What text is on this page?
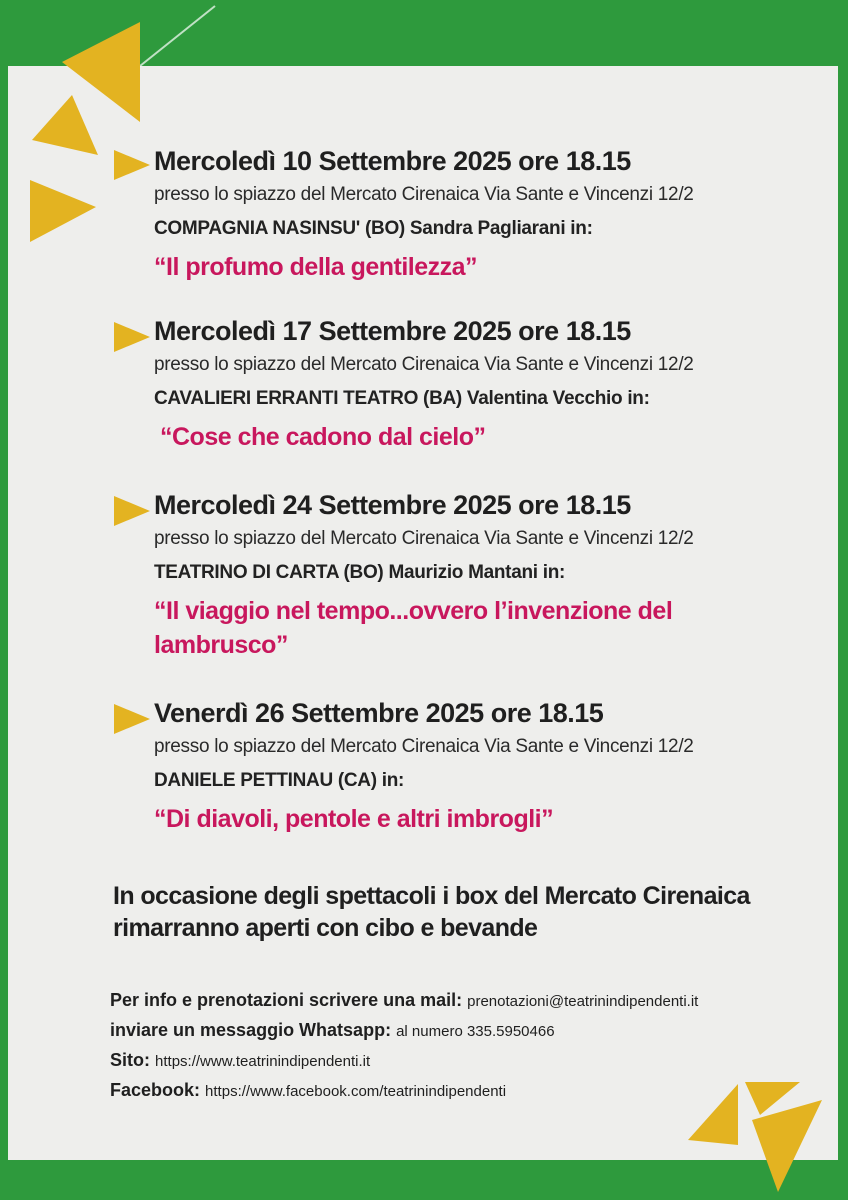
Mercoledì 10 Settembre 2025 ore 18.15
presso lo spiazzo del Mercato Cirenaica Via Sante e Vincenzi 12/2
COMPAGNIA NASINSU' (BO) Sandra Pagliarani in:
“Il profumo della gentilezza”
Mercoledì 17 Settembre 2025 ore 18.15
presso lo spiazzo del Mercato Cirenaica Via Sante e Vincenzi 12/2
CAVALIERI ERRANTI TEATRO (BA) Valentina Vecchio in:
“Cose che cadono dal cielo”
Mercoledì 24 Settembre 2025 ore 18.15
presso lo spiazzo del Mercato Cirenaica Via Sante e Vincenzi 12/2
TEATRINO DI CARTA (BO) Maurizio Mantani in:
“Il viaggio nel tempo...ovvero l’invenzione del lambrusco”
Venerdì 26 Settembre 2025 ore 18.15
presso lo spiazzo del Mercato Cirenaica Via Sante e Vincenzi 12/2
DANIELE PETTINAU (CA) in:
“Di diavoli, pentole e altri imbrogli”
In occasione degli spettacoli i box del Mercato Cirenaica rimarranno aperti con cibo e bevande
Per info e prenotazioni scrivere una mail: prenotazioni@teatrinindipendenti.it
inviare un messaggio Whatsapp: al numero 335.5950466
Sito: https://www.teatrinindipendenti.it
Facebook: https://www.facebook.com/teatrinindipendenti
